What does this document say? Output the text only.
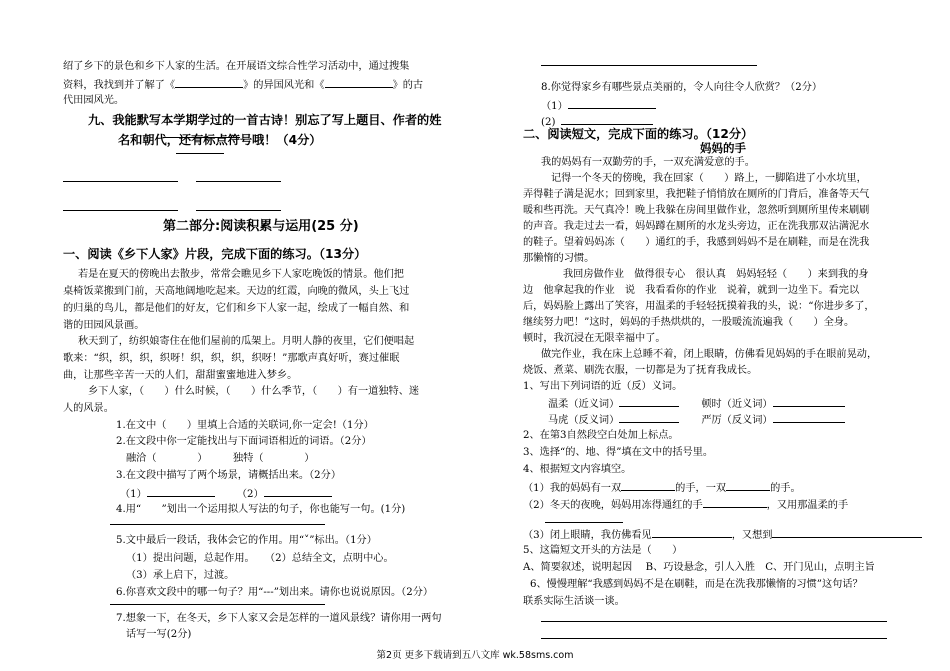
绍了乡下的景色和乡下人家的生活。在开展语文综合性学习活动中，通过搜集
资料，我找到并了解了《	》的异国风光和《	》的古
代田园风光。
九、我能默写本学期学过的一首古诗！别忘了写上题目、作者的姓
名和朝代，还有标点符号哦！（4分）
第二部分:阅读积累与运用(25 分)
一、阅读《乡下人家》片段，完成下面的练习。（13分）
若是在夏天的傍晚出去散步，常常会瞧见乡下人家吃晚饭的情景。他们把
桌椅饭菜搬到门前，天高地阔地吃起来。天边的红霞，向晚的微风，头上飞过
的归巢的鸟儿，都是他们的好友，它们和乡下人家一起，绘成了一幅自然、和
谐的田园风景画。
秋天到了，纺织娘寄住在他们屋前的瓜架上。月明人静的夜里，它们便唱起
歌来：“织，织，织，织呀！织，织，织，织呀！”那歌声真好听，赛过催眠
曲，让那些辛苦一天的人们，甜甜蜜蜜地进入梦乡。
乡下人家，（　　）什么时候，（　　）什么季节，（　　）有一道独特、迷
人的风景。
1.在文中（　　）里填上合适的关联词,你一定会!（1分）
2.在文段中你一定能找出与下面词语相近的词语。（2分）
融洽（　　　　）　　　独特（　　　　）
3.在文段中描写了两个场景，请概括出来。（2分）
（1）	（2）
4.用“　　”划出一个运用拟人写法的句子，你也能写一句。(1分)
5.文中最后一段话，我体会它的作用。用“˅”标出。（1分）
（1）提出问题，总起作用。　　（2）总结全文，点明中心。
（3）承上启下，过渡。
6.你喜欢文段中的哪一句子？用“---”划出来。请你也说说原因。（2分）
7.想象一下，在冬天，乡下人家又会是怎样的一道风景线？请你用一两句
话写一写(2分)
8.你觉得家乡有哪些景点美丽的，令人向往令人欣赏？（2分）
（1）
(2)
二、阅读短文，完成下面的练习。（12分）
妈妈的手
我的妈妈有一双勤劳的手，一双充满爱意的手。
记得一个冬天的傍晚，我在回家（　　）路上，一脚陷进了小水坑里，
弄得鞋子满是泥水；回到家里，我把鞋子悄悄放在厕所的门背后，准备等天气
暖和些再洗。天气真冷！晚上我躲在房间里做作业，忽然听到厕所里传来刷刷
的声音。我走过去一看，妈妈蹲在厕所的水龙头旁边，正在洗我那双沾满泥水
的鞋子。望着妈妈冻（　　）通红的手，我感到妈妈不是在刷鞋，而是在洗我
那懒惰的习惯。
我回房做作业　做得很专心　很认真　妈妈轻轻（　　）来到我的身
边　他拿起我的作业　说　我看看你的作业　说着，就到一边坐下。看完以
后，妈妈脸上露出了笑容，用温柔的手轻轻抚摸着我的头，说：“你进步多了，
继续努力吧！”这时，妈妈的手热烘烘的，一股暖流流遍我（　　）全身。
顿时，我沉浸在无限幸福中了。
做完作业，我在床上总睡不着，闭上眼睛，仿佛看见妈妈的手在眼前晃动，
烧饭、煮菜、刷洗衣服，一切都是为了抚育我成长。
1、写出下列词语的近（反）义词。
温柔（近义词）	顿时（近义词）
马虎（反义词）	严厉（反义词）
2、在第3自然段空白处加上标点。
3、选择“的、地、得”填在文中的括号里。
4、根据短文内容填空。
（1）我的妈妈有一双	的手，一双	的手。
（2）冬天的夜晚，妈妈用冻得通红的手	，又用那温柔的手
（3）闭上眼睛，我仿佛看见	，又想到
5、这篇短文开头的方法是（　　）
A、简要叙述，说明起因　 B、巧设悬念，引人入胜　C、开门见山，点明主旨
6、慢慢理解“我感到妈妈不是在刷鞋，而是在洗我那懒惰的习惯”这句话？
联系实际生活谈一谈。
第2页 更多下载请到五八文库 wk.58sms.com
